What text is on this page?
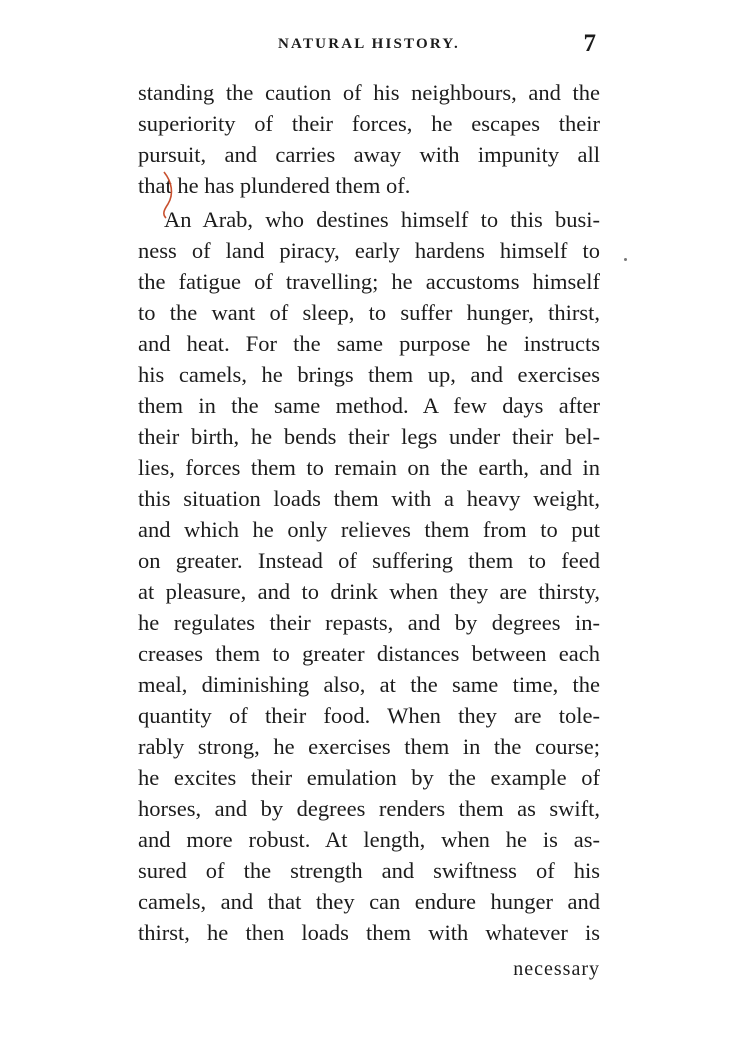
NATURAL HISTORY.	7
standing the caution of his neighbours, and the
superiority of their forces, he escapes their
pursuit, and carries away with impunity all
that he has plundered them of.
An Arab, who destines himself to this busi-
ness of land piracy, early hardens himself to
the fatigue of travelling; he accustoms himself
to the want of sleep, to suffer hunger, thirst,
and heat. For the same purpose he instructs
his camels, he brings them up, and exercises
them in the same method. A few days after
their birth, he bends their legs under their bel-
lies, forces them to remain on the earth, and in
this situation loads them with a heavy weight,
and which he only relieves them from to put
on greater. Instead of suffering them to feed
at pleasure, and to drink when they are thirsty,
he regulates their repasts, and by degrees in-
creases them to greater distances between each
meal, diminishing also, at the same time, the
quantity of their food. When they are tole-
rably strong, he exercises them in the course;
he excites their emulation by the example of
horses, and by degrees renders them as swift,
and more robust. At length, when he is as-
sured of the strength and swiftness of his
camels, and that they can endure hunger and
thirst, he then loads them with whatever is
necessary
